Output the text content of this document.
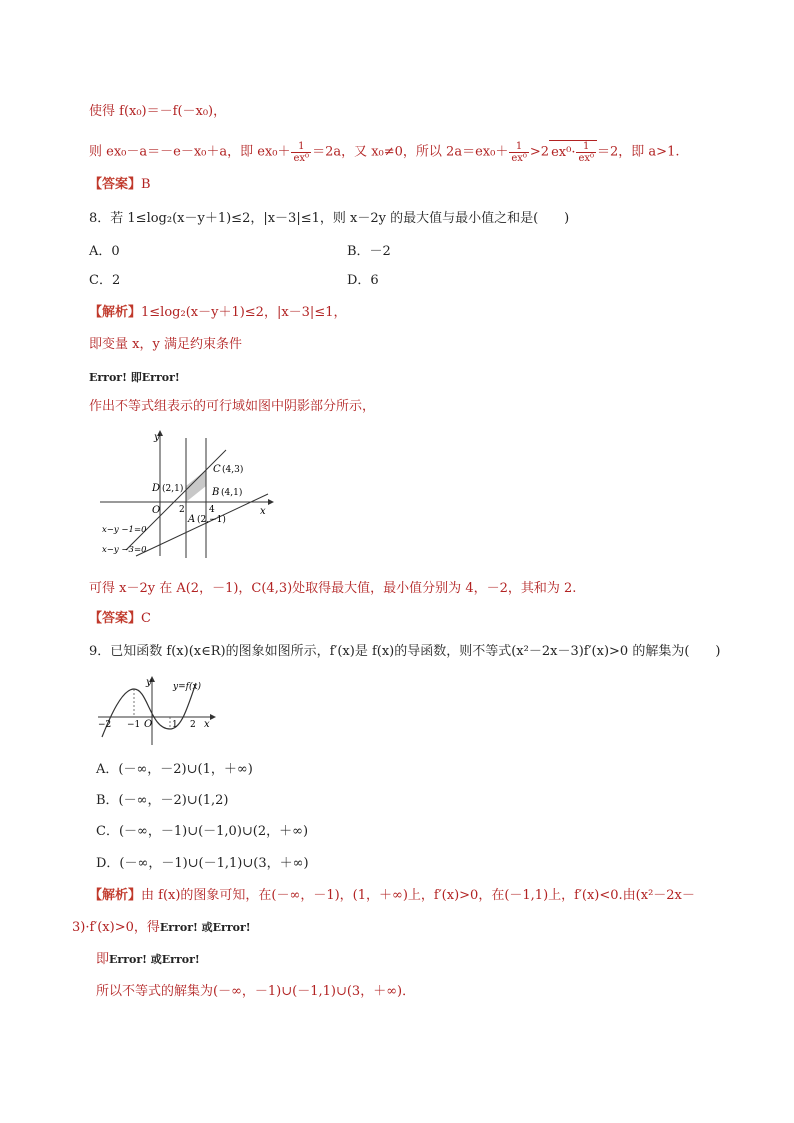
使得 f(x₀)＝－f(－x₀)，
则 ex₀－a＝－e－x₀＋a，即 $ex_0+ \frac{1}{\text{ex⁰}} =2a$，又 x₀≠0，所以 $2a=ex_0+ \frac{1}{\text{ex⁰}} >2$ $ex^0\cdot \frac{1}{\text{ex⁰}} =2$，即 a>1.
【答案】B
8．若 1≤log₂(x－y＋1)≤2，|x－3|≤1，则 x－2y 的最大值与最小值之和是(　　)
A．0	B．－2
C．2	D．6
【解析】1≤log₂(x－y＋1)≤2，|x－3|≤1，
即变量 x，y 满足约束条件
Error! 即Error!
作出不等式组表示的可行域如图中阴影部分所示，
y
x
O
C (4,3)
D (2,1)	B (4,1)
2	4
A (2,−1)
x−y −1=0
x−y −3=0
可得 x－2y 在 A(2，－1)，C(4,3)处取得最大值，最小值分别为 4，－2，其和为 2.
【答案】C
9．已知函数 f(x)(x∈R)的图象如图所示，f′(x)是 f(x)的导函数，则不等式(x²－2x－3)f′(x)>0 的解集为(　　)
y
x
y=f(x)
O
−2 −1	1 2
A．(－∞，－2)∪(1，＋∞)
B．(－∞，－2)∪(1,2)
C．(－∞，－1)∪(－1,0)∪(2，＋∞)
D．(－∞，－1)∪(－1,1)∪(3，＋∞)
【解析】由 f(x)的图象可知，在(－∞，－1)，(1，＋∞)上，f′(x)>0，在(－1,1)上，f′(x)<0.由(x²－2x－
3)·f′(x)>0，得Error! 或Error!
即Error! 或Error!
所以不等式的解集为(－∞，－1)∪(－1,1)∪(3，＋∞)．
